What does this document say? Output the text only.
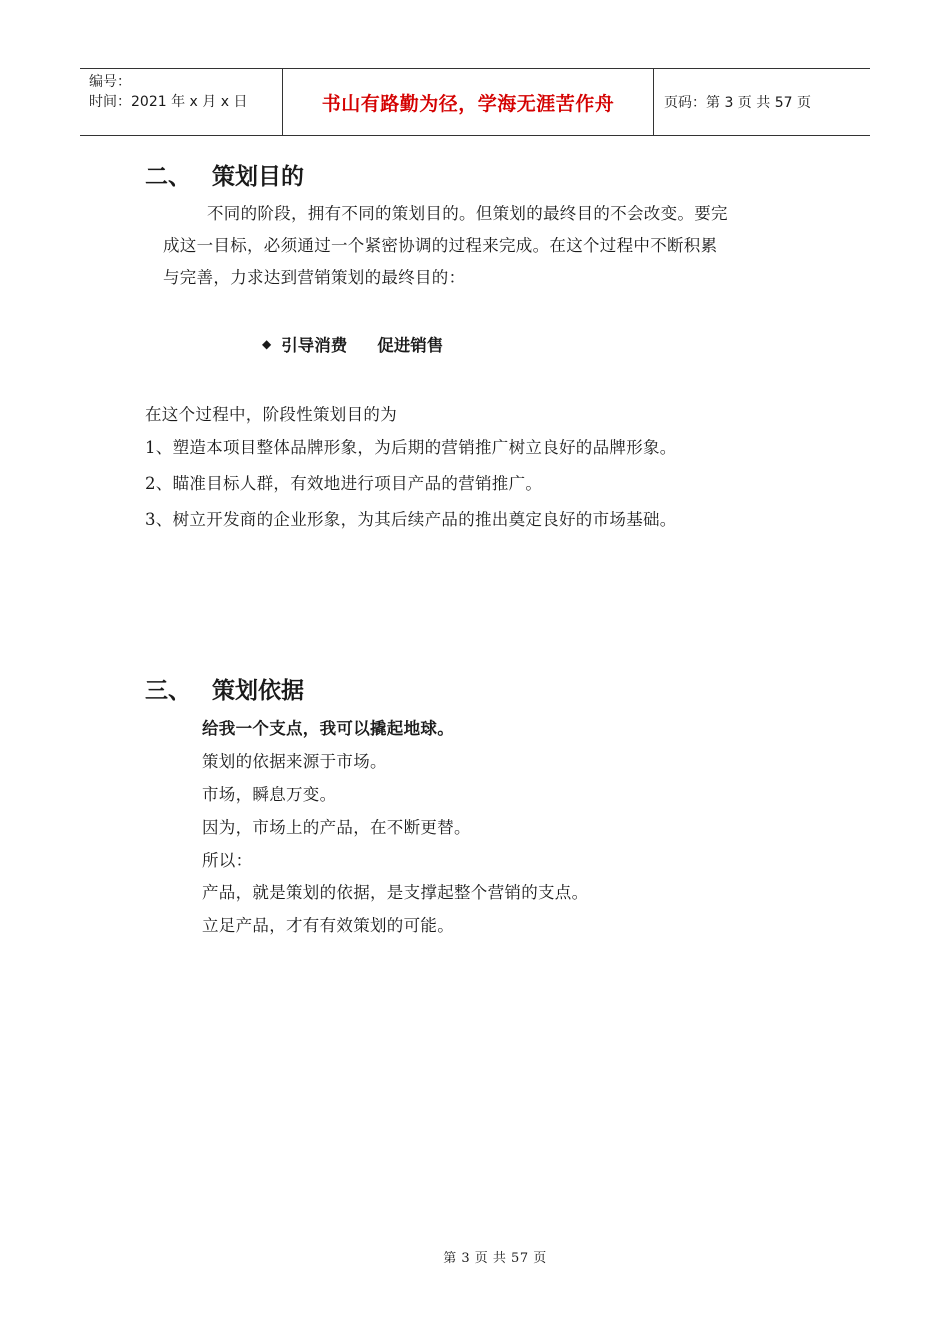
编号：
时间：2021 年 x 月 x 日	书山有路勤为径，学海无涯苦作舟	页码：第 3 页 共 57 页
二、 策划目的
不同的阶段，拥有不同的策划目的。但策划的最终目的不会改变。要完
成这一目标，必须通过一个紧密协调的过程来完成。在这个过程中不断积累
与完善，力求达到营销策划的最终目的：
◆ 引导消费 促进销售
在这个过程中，阶段性策划目的为
1、塑造本项目整体品牌形象，为后期的营销推广树立良好的品牌形象。
2、瞄准目标人群，有效地进行项目产品的营销推广。
3、树立开发商的企业形象，为其后续产品的推出奠定良好的市场基础。
三、 策划依据
给我一个支点，我可以撬起地球。
策划的依据来源于市场。
市场，瞬息万变。
因为，市场上的产品，在不断更替。
所以：
产品，就是策划的依据，是支撑起整个营销的支点。
立足产品，才有有效策划的可能。
第 3 页 共 57 页
